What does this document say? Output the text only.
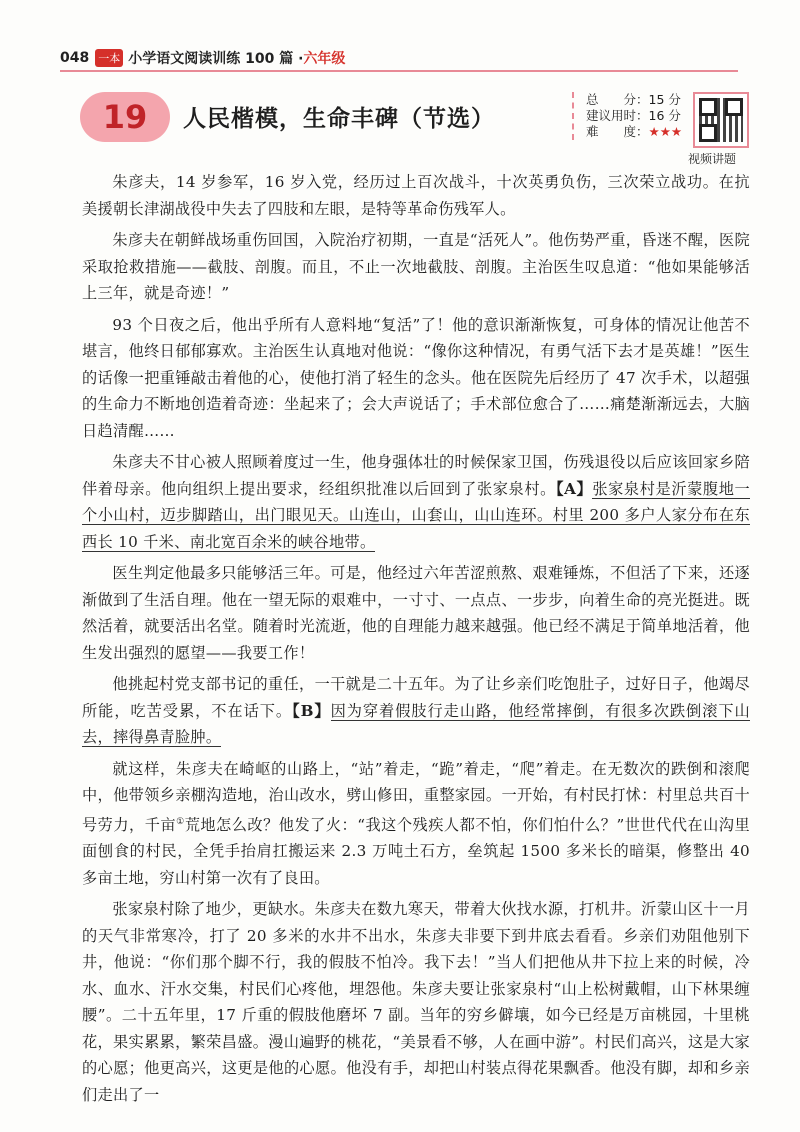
048 一本 小学语文阅读训练 100 篇 · 六年级
19	人民楷模，生命丰碑（节选）
总　　分：15 分
建议用时：16 分
难　　度：★★★
视频讲题

朱彦夫，14 岁参军，16 岁入党，经历过上百次战斗，十次英勇负伤，三次荣立战功。在抗美援朝长津湖战役中失去了四肢和左眼，是特等革命伤残军人。

朱彦夫在朝鲜战场重伤回国，入院治疗初期，一直是“活死人”。他伤势严重，昏迷不醒，医院采取抢救措施——截肢、剖腹。而且，不止一次地截肢、剖腹。主治医生叹息道：“他如果能够活上三年，就是奇迹！”

93 个日夜之后，他出乎所有人意料地“复活”了！他的意识渐渐恢复，可身体的情况让他苦不堪言，他终日郁郁寡欢。主治医生认真地对他说：“像你这种情况，有勇气活下去才是英雄！”医生的话像一把重锤敲击着他的心，使他打消了轻生的念头。他在医院先后经历了 47 次手术，以超强的生命力不断地创造着奇迹：坐起来了；会大声说话了；手术部位愈合了……痛楚渐渐远去，大脑日趋清醒……

朱彦夫不甘心被人照顾着度过一生，他身强体壮的时候保家卫国，伤残退役以后应该回家乡陪伴着母亲。他向组织上提出要求，经组织批准以后回到了张家泉村。【A】张家泉村是沂蒙腹地一个小山村，迈步脚踏山，出门眼见天。山连山，山套山，山山连环。村里 200 多户人家分布在东西长 10 千米、南北宽百余米的峡谷地带。

医生判定他最多只能够活三年。可是，他经过六年苦涩煎熬、艰难锤炼，不但活了下来，还逐渐做到了生活自理。他在一望无际的艰难中，一寸寸、一点点、一步步，向着生命的亮光挺进。既然活着，就要活出名堂。随着时光流逝，他的自理能力越来越强。他已经不满足于简单地活着，他生发出强烈的愿望——我要工作！

他挑起村党支部书记的重任，一干就是二十五年。为了让乡亲们吃饱肚子，过好日子，他竭尽所能，吃苦受累，不在话下。【B】因为穿着假肢行走山路，他经常摔倒，有很多次跌倒滚下山去，摔得鼻青脸肿。

就这样，朱彦夫在崎岖的山路上，“站”着走，“跪”着走，“爬”着走。在无数次的跌倒和滚爬中，他带领乡亲棚沟造地，治山改水，劈山修田，重整家园。一开始，有村民打怵：村里总共百十号劳力，千亩①荒地怎么改？他发了火：“我这个残疾人都不怕，你们怕什么？”世世代代在山沟里面刨食的村民，全凭手抬肩扛搬运来 2.3 万吨土石方，垒筑起 1500 多米长的暗渠，修整出 40 多亩土地，穷山村第一次有了良田。

张家泉村除了地少，更缺水。朱彦夫在数九寒天，带着大伙找水源，打机井。沂蒙山区十一月的天气非常寒冷，打了 20 多米的水井不出水，朱彦夫非要下到井底去看看。乡亲们劝阻他别下井，他说：“你们那个脚不行，我的假肢不怕冷。我下去！”当人们把他从井下拉上来的时候，冷水、血水、汗水交集，村民们心疼他，埋怨他。朱彦夫要让张家泉村“山上松树戴帽，山下林果缠腰”。二十五年里，17 斤重的假肢他磨坏 7 副。当年的穷乡僻壤，如今已经是万亩桃园，十里桃花，果实累累，繁荣昌盛。漫山遍野的桃花，“美景看不够，人在画中游”。村民们高兴，这是大家的心愿；他更高兴，这更是他的心愿。他没有手，却把山村装点得花果飘香。他没有脚，却和乡亲们走出了一
